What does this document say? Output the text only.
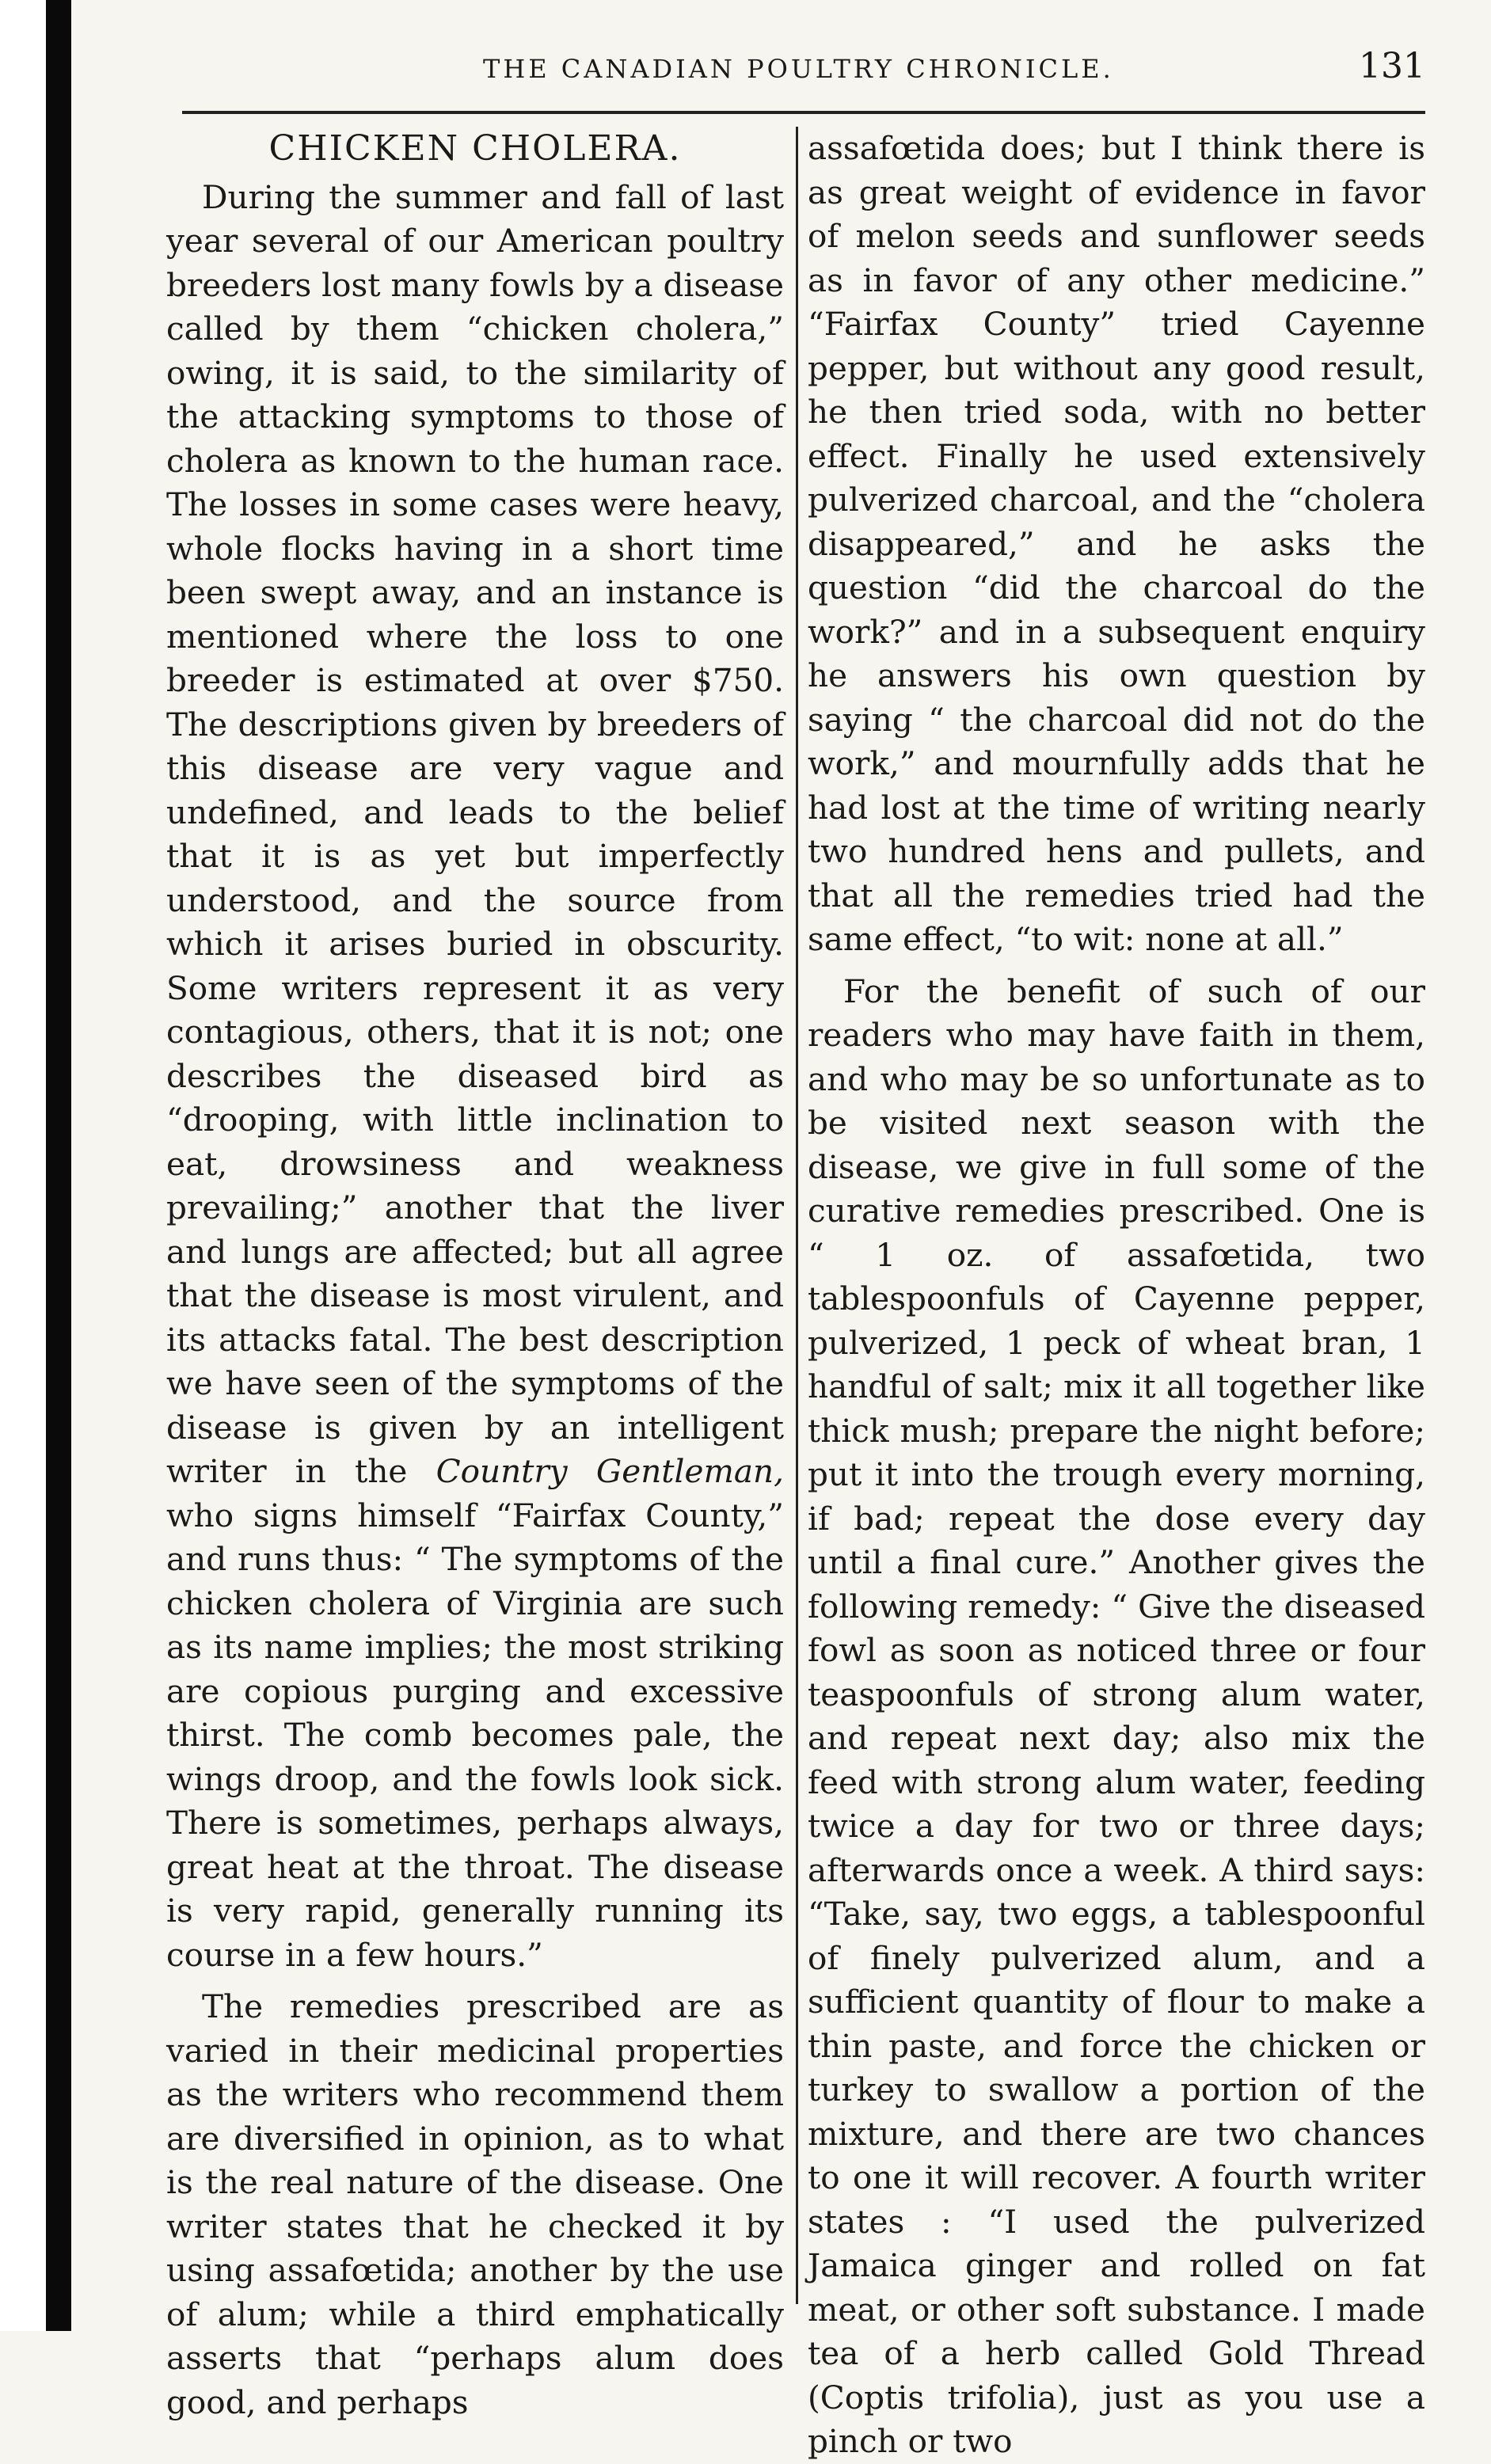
THE CANADIAN POULTRY CHRONICLE.	131
CHICKEN CHOLERA.

During the summer and fall of last year several of our American poultry breeders lost many fowls by a disease called by them “chicken cholera,” owing, it is said, to the similarity of the attacking symptoms to those of cholera as known to the human race. The losses in some cases were heavy, whole flocks having in a short time been swept away, and an instance is mentioned where the loss to one breeder is estimated at over $750. The descriptions given by breeders of this disease are very vague and undefined, and leads to the belief that it is as yet but imperfectly understood, and the source from which it arises buried in obscurity. Some writers represent it as very contagious, others, that it is not; one describes the diseased bird as “drooping, with little inclination to eat, drowsiness and weakness prevailing;” another that the liver and lungs are affected; but all agree that the disease is most virulent, and its attacks fatal. The best description we have seen of the symptoms of the disease is given by an intelligent writer in the Country Gentleman, who signs himself “Fairfax County,” and runs thus: “ The symptoms of the chicken cholera of Virginia are such as its name implies; the most striking are copious purging and excessive thirst. The comb becomes pale, the wings droop, and the fowls look sick. There is sometimes, perhaps always, great heat at the throat. The disease is very rapid, generally running its course in a few hours.”

The remedies prescribed are as varied in their medicinal properties as the writers who recommend them are diversified in opinion, as to what is the real nature of the disease. One writer states that he checked it by using assafœtida; another by the use of alum; while a third emphatically asserts that “perhaps alum does good, and perhaps

assafœtida does; but I think there is as great weight of evidence in favor of melon seeds and sunflower seeds as in favor of any other medicine.” “Fairfax County” tried Cayenne pepper, but without any good result, he then tried soda, with no better effect. Finally he used extensively pulverized charcoal, and the “cholera disappeared,” and he asks the question “did the charcoal do the work?” and in a subsequent enquiry he answers his own question by saying “ the charcoal did not do the work,” and mournfully adds that he had lost at the time of writing nearly two hundred hens and pullets, and that all the remedies tried had the same effect, “to wit: none at all.”

For the benefit of such of our readers who may have faith in them, and who may be so unfortunate as to be visited next season with the disease, we give in full some of the curative remedies prescribed. One is “ 1 oz. of assafœtida, two tablespoonfuls of Cayenne pepper, pulverized, 1 peck of wheat bran, 1 handful of salt; mix it all together like thick mush; prepare the night before; put it into the trough every morning, if bad; repeat the dose every day until a final cure.” Another gives the following remedy: “ Give the diseased fowl as soon as noticed three or four teaspoonfuls of strong alum water, and repeat next day; also mix the feed with strong alum water, feeding twice a day for two or three days; afterwards once a week. A third says: “Take, say, two eggs, a tablespoonful of finely pulverized alum, and a sufficient quantity of flour to make a thin paste, and force the chicken or turkey to swallow a portion of the mixture, and there are two chances to one it will recover. A fourth writer states : “I used the pulverized Jamaica ginger and rolled on fat meat, or other soft substance. I made tea of a herb called Gold Thread (Coptis trifolia), just as you use a pinch or two
